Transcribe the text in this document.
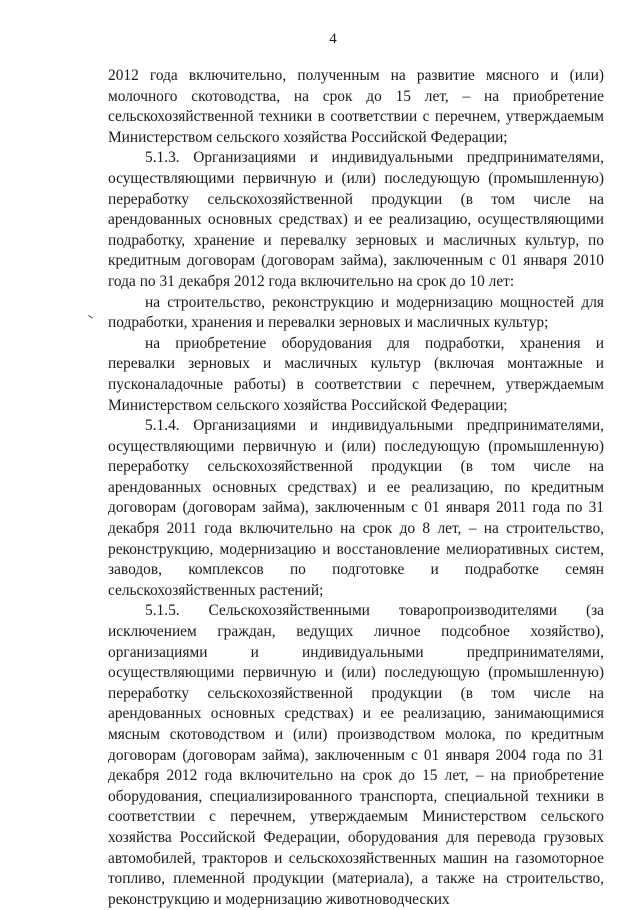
4

2012 года включительно, полученным на развитие мясного и (или) молочного скотоводства, на срок до 15 лет, – на приобретение сельскохозяйственной техники в соответствии с перечнем, утверждаемым Министерством сельского хозяйства Российской Федерации;

5.1.3. Организациями и индивидуальными предпринимателями, осуществляющими первичную и (или) последующую (промышленную) переработку сельскохозяйственной продукции (в том числе на арендованных основных средствах) и ее реализацию, осуществляющими подработку, хранение и перевалку зерновых и масличных культур, по кредитным договорам (договорам займа), заключенным с 01 января 2010 года по 31 декабря 2012 года включительно на срок до 10 лет:

на строительство, реконструкцию и модернизацию мощностей для подработки, хранения и перевалки зерновых и масличных культур;

на приобретение оборудования для подработки, хранения и перевалки зерновых и масличных культур (включая монтажные и пусконаладочные работы) в соответствии с перечнем, утверждаемым Министерством сельского хозяйства Российской Федерации;

5.1.4. Организациями и индивидуальными предпринимателями, осуществляющими первичную и (или) последующую (промышленную) переработку сельскохозяйственной продукции (в том числе на арендованных основных средствах) и ее реализацию, по кредитным договорам (договорам займа), заключенным с 01 января 2011 года по 31 декабря 2011 года включительно на срок до 8 лет, – на строительство, реконструкцию, модернизацию и восстановление мелиоративных систем, заводов, комплексов по подготовке и подработке семян сельскохозяйственных растений;

5.1.5. Сельскохозяйственными товаропроизводителями (за исключением граждан, ведущих личное подсобное хозяйство), организациями и индивидуальными предпринимателями, осуществляющими первичную и (или) последующую (промышленную) переработку сельскохозяйственной продукции (в том числе на арендованных основных средствах) и ее реализацию, занимающимися мясным скотоводством и (или) производством молока, по кредитным договорам (договорам займа), заключенным с 01 января 2004 года по 31 декабря 2012 года включительно на срок до 15 лет, – на приобретение оборудования, специализированного транспорта, специальной техники в соответствии с перечнем, утверждаемым Министерством сельского хозяйства Российской Федерации, оборудования для перевода грузовых автомобилей, тракторов и сельскохозяйственных машин на газомоторное топливо, племенной продукции (материала), а также на строительство, реконструкцию и модернизацию животноводческих
